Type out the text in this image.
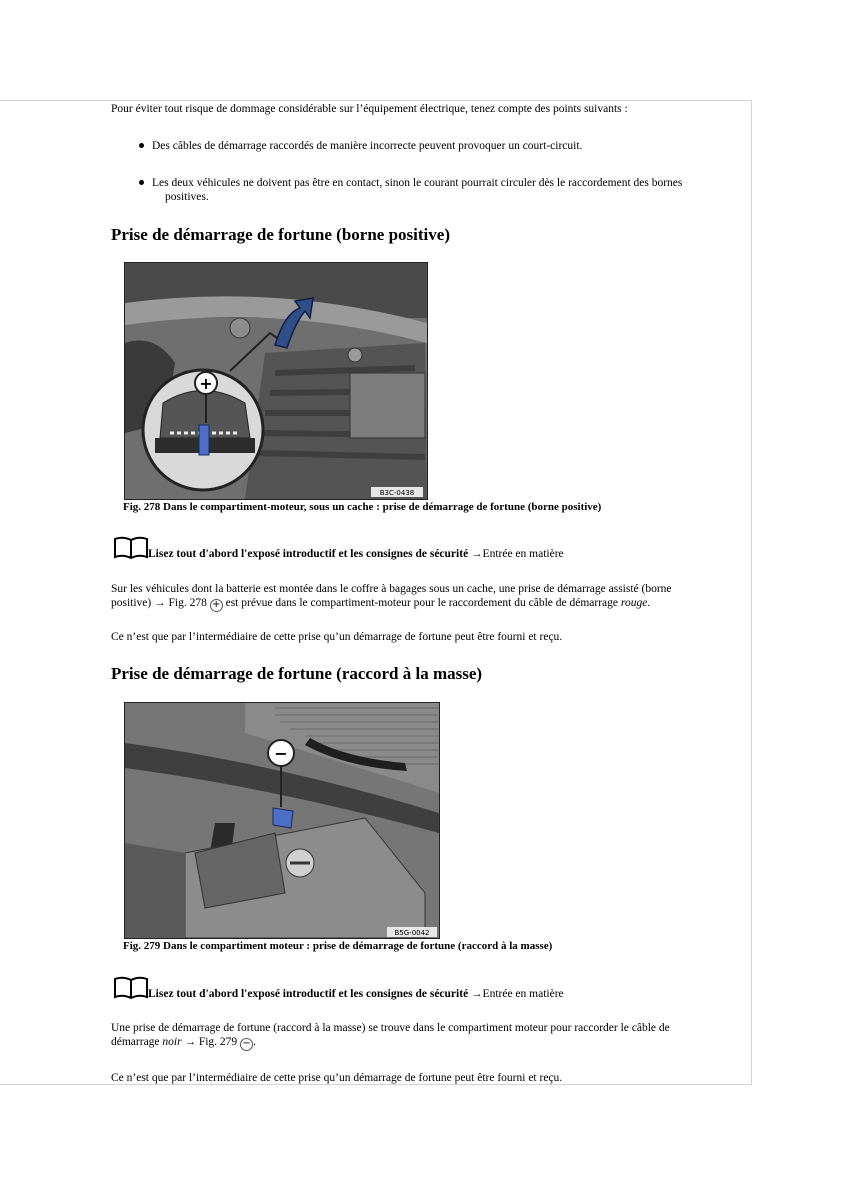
Pour éviter tout risque de dommage considérable sur l’équipement électrique, tenez compte des points suivants :
Des câbles de démarrage raccordés de manière incorrecte peuvent provoquer un court-circuit.
Les deux véhicules ne doivent pas être en contact, sinon le courant pourrait circuler dès le raccordement des bornes
positives.
Prise de démarrage de fortune (borne positive)
+
B3C-0438
Fig. 278 Dans le compartiment-moteur, sous un cache : prise de démarrage de fortune (borne positive)
Lisez tout d'abord l'exposé introductif et les consignes de sécurité →Entrée en matière
Sur les véhicules dont la batterie est montée dans le coffre à bagages sous un cache, une prise de démarrage assisté (borne
positive) → Fig. 278 + est prévue dans le compartiment-moteur pour le raccordement du câble de démarrage rouge.
Ce n’est que par l’intermédiaire de cette prise qu’un démarrage de fortune peut être fourni et reçu.
Prise de démarrage de fortune (raccord à la masse)
−
B5G-0042
Fig. 279 Dans le compartiment moteur : prise de démarrage de fortune (raccord à la masse)
Lisez tout d'abord l'exposé introductif et les consignes de sécurité →Entrée en matière
Une prise de démarrage de fortune (raccord à la masse) se trouve dans le compartiment moteur pour raccorder le câble de
démarrage noir → Fig. 279 − .
Ce n’est que par l’intermédiaire de cette prise qu’un démarrage de fortune peut être fourni et reçu.
